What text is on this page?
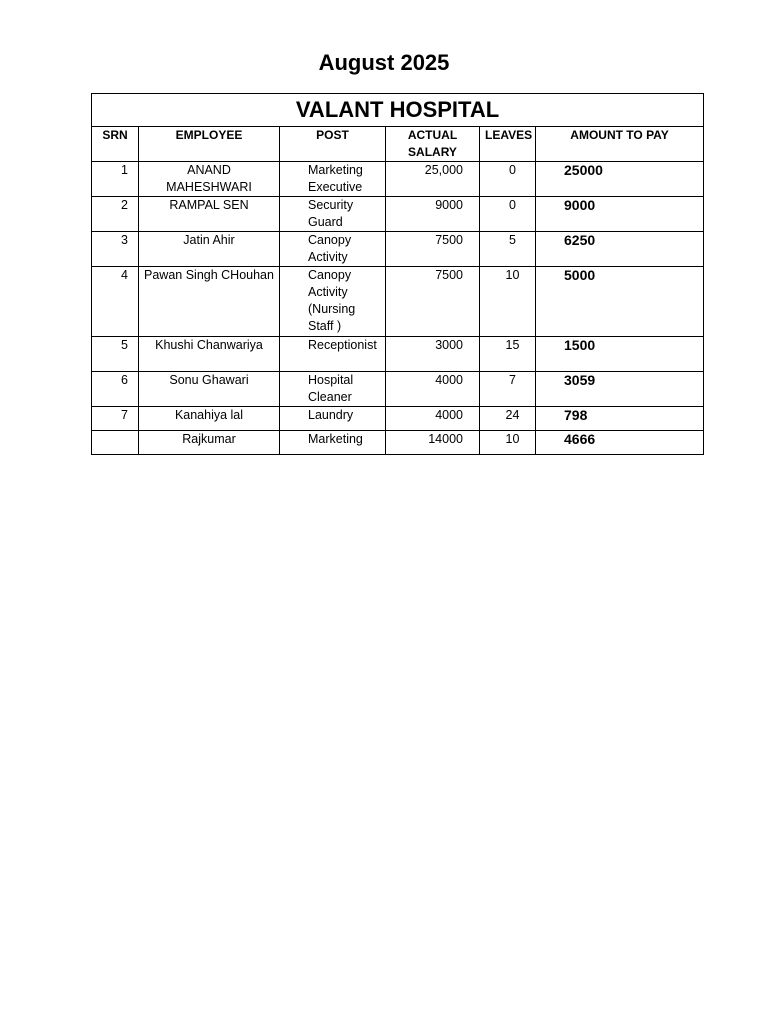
August 2025
VALANT HOSPITAL					
SRN	EMPLOYEE	POST	ACTUAL SALARY	LEAVES	AMOUNT TO PAY
1	ANAND MAHESHWARI	Marketing Executive	25,000	0	25000
2	RAMPAL SEN	Security Guard	9000	0	9000
3	Jatin Ahir	Canopy Activity	7500	5	6250
4	Pawan Singh CHouhan	Canopy Activity (Nursing Staff )	7500	10	5000
5	Khushi Chanwariya	Receptionist	3000	15	1500
6	Sonu Ghawari	Hospital Cleaner	4000	7	3059
7	Kanahiya lal	Laundry	4000	24	798
	Rajkumar	Marketing	14000	10	4666
